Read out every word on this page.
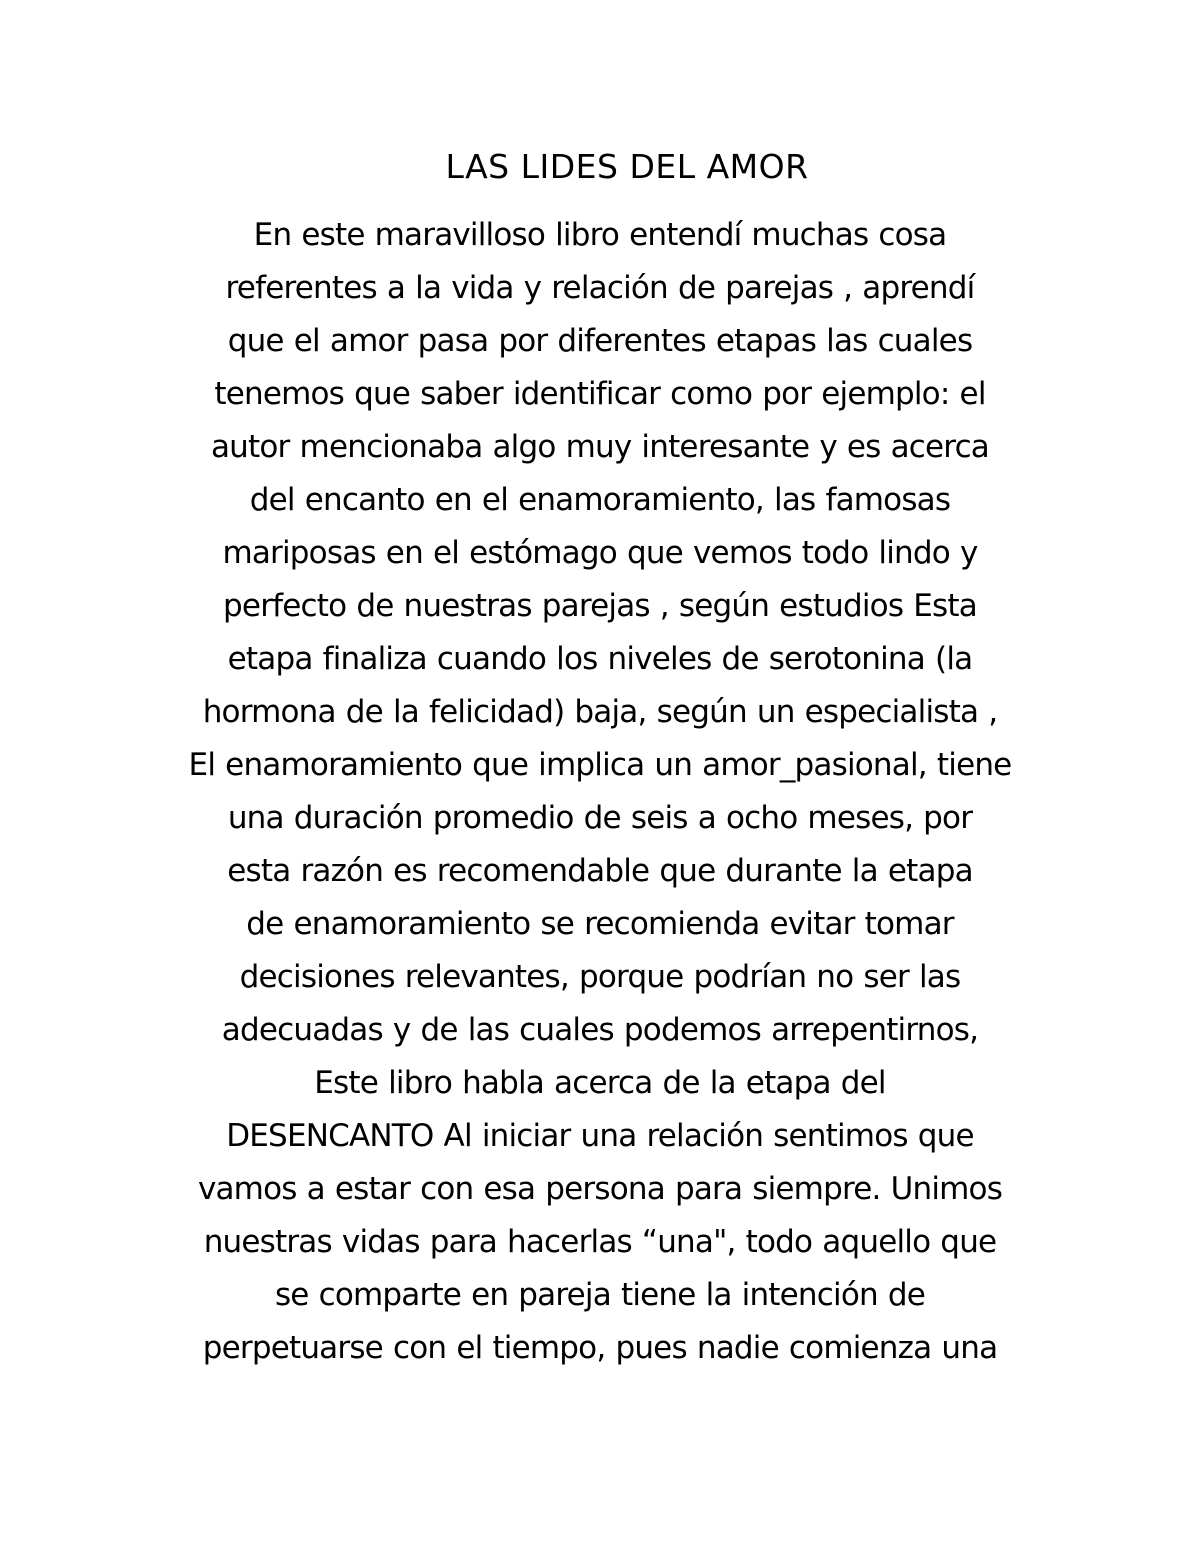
LAS LIDES DEL AMOR
En este maravilloso libro entendí muchas cosa
referentes a la vida y relación de parejas , aprendí
que el amor pasa por diferentes etapas las cuales
tenemos que saber identificar como por ejemplo: el
autor mencionaba algo muy interesante y es acerca
del encanto en el enamoramiento, las famosas
mariposas en el estómago que vemos todo lindo y
perfecto de nuestras parejas , según estudios Esta
etapa finaliza cuando los niveles de serotonina (la
hormona de la felicidad) baja, según un especialista ,
El enamoramiento que implica un amor_pasional, tiene
una duración promedio de seis a ocho meses, por
esta razón es recomendable que durante la etapa
de enamoramiento se recomienda evitar tomar
decisiones relevantes, porque podrían no ser las
adecuadas y de las cuales podemos arrepentirnos,
Este libro habla acerca de la etapa del
DESENCANTO Al iniciar una relación sentimos que
vamos a estar con esa persona para siempre. Unimos
nuestras vidas para hacerlas “una", todo aquello que
se comparte en pareja tiene la intención de
perpetuarse con el tiempo, pues nadie comienza una
